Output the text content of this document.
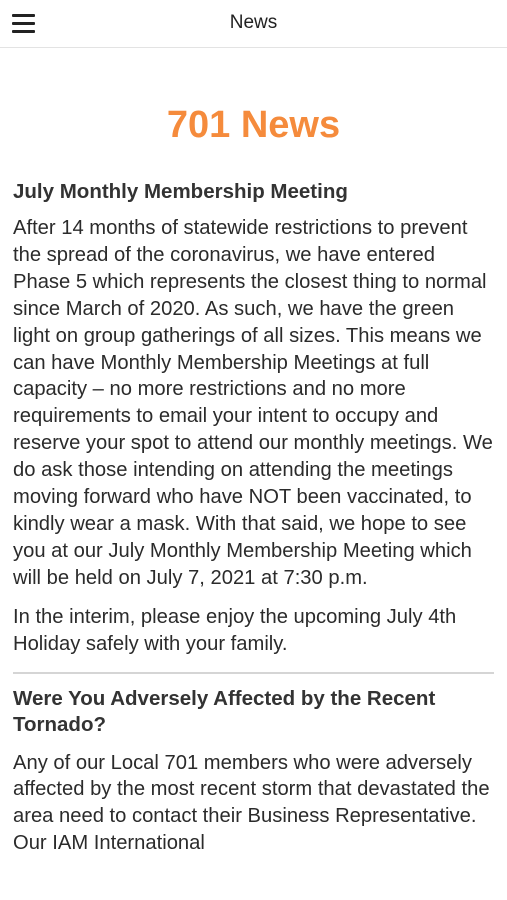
News
701 News
July Monthly Membership Meeting

After 14 months of statewide restrictions to prevent the spread of the coronavirus, we have entered Phase 5 which represents the closest thing to normal since March of 2020. As such, we have the green light on group gatherings of all sizes. This means we can have Monthly Membership Meetings at full capacity – no more restrictions and no more requirements to email your intent to occupy and reserve your spot to attend our monthly meetings. We do ask those intending on attending the meetings moving forward who have NOT been vaccinated, to kindly wear a mask. With that said, we hope to see you at our July Monthly Membership Meeting which will be held on July 7, 2021 at 7:30 p.m.

In the interim, please enjoy the upcoming July 4th Holiday safely with your family.

Were You Adversely Affected by the Recent Tornado?

Any of our Local 701 members who were adversely affected by the most recent storm that devastated the area need to contact their Business Representative. Our IAM International
